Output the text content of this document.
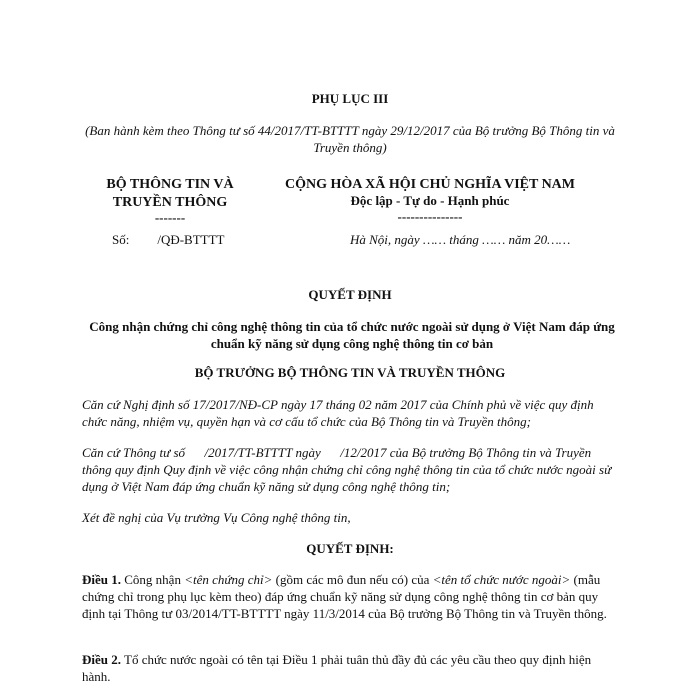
PHỤ LỤC III

(Ban hành kèm theo Thông tư số 44/2017/TT-BTTTT ngày 29/12/2017 của Bộ trưởng Bộ Thông tin và Truyền thông)

BỘ THÔNG TIN VÀ TRUYỀN THÔNG

-------

CỘNG HÒA XÃ HỘI CHỦ NGHĨA VIỆT NAM

Độc lập - Tự do - Hạnh phúc

---------------

Số: /QĐ-BTTTT	Hà Nội, ngày …… tháng …… năm 20……

QUYẾT ĐỊNH

Công nhận chứng chỉ công nghệ thông tin của tổ chức nước ngoài sử dụng ở Việt Nam đáp ứng chuẩn kỹ năng sử dụng công nghệ thông tin cơ bản

BỘ TRƯỞNG BỘ THÔNG TIN VÀ TRUYỀN THÔNG

Căn cứ Nghị định số 17/2017/NĐ-CP ngày 17 tháng 02 năm 2017 của Chính phủ về việc quy định chức năng, nhiệm vụ, quyền hạn và cơ cấu tổ chức của Bộ Thông tin và Truyền thông;

Căn cứ Thông tư số      /2017/TT-BTTTT ngày      /12/2017 của Bộ trưởng Bộ Thông tin và Truyền thông quy định Quy định về việc công nhận chứng chỉ công nghệ thông tin của tổ chức nước ngoài sử dụng ở Việt Nam đáp ứng chuẩn kỹ năng sử dụng công nghệ thông tin;

Xét đề nghị của Vụ trưởng Vụ Công nghệ thông tin,

QUYẾT ĐỊNH:

Điều 1. Công nhận <tên chứng chỉ> (gồm các mô đun nếu có) của <tên tổ chức nước ngoài> (mẫu chứng chỉ trong phụ lục kèm theo) đáp ứng chuẩn kỹ năng sử dụng công nghệ thông tin cơ bản quy định tại Thông tư 03/2014/TT-BTTTT ngày 11/3/2014 của Bộ trưởng Bộ Thông tin và Truyền thông.

Điều 2. Tổ chức nước ngoài có tên tại Điều 1 phải tuân thủ đầy đủ các yêu cầu theo quy định hiện hành.
